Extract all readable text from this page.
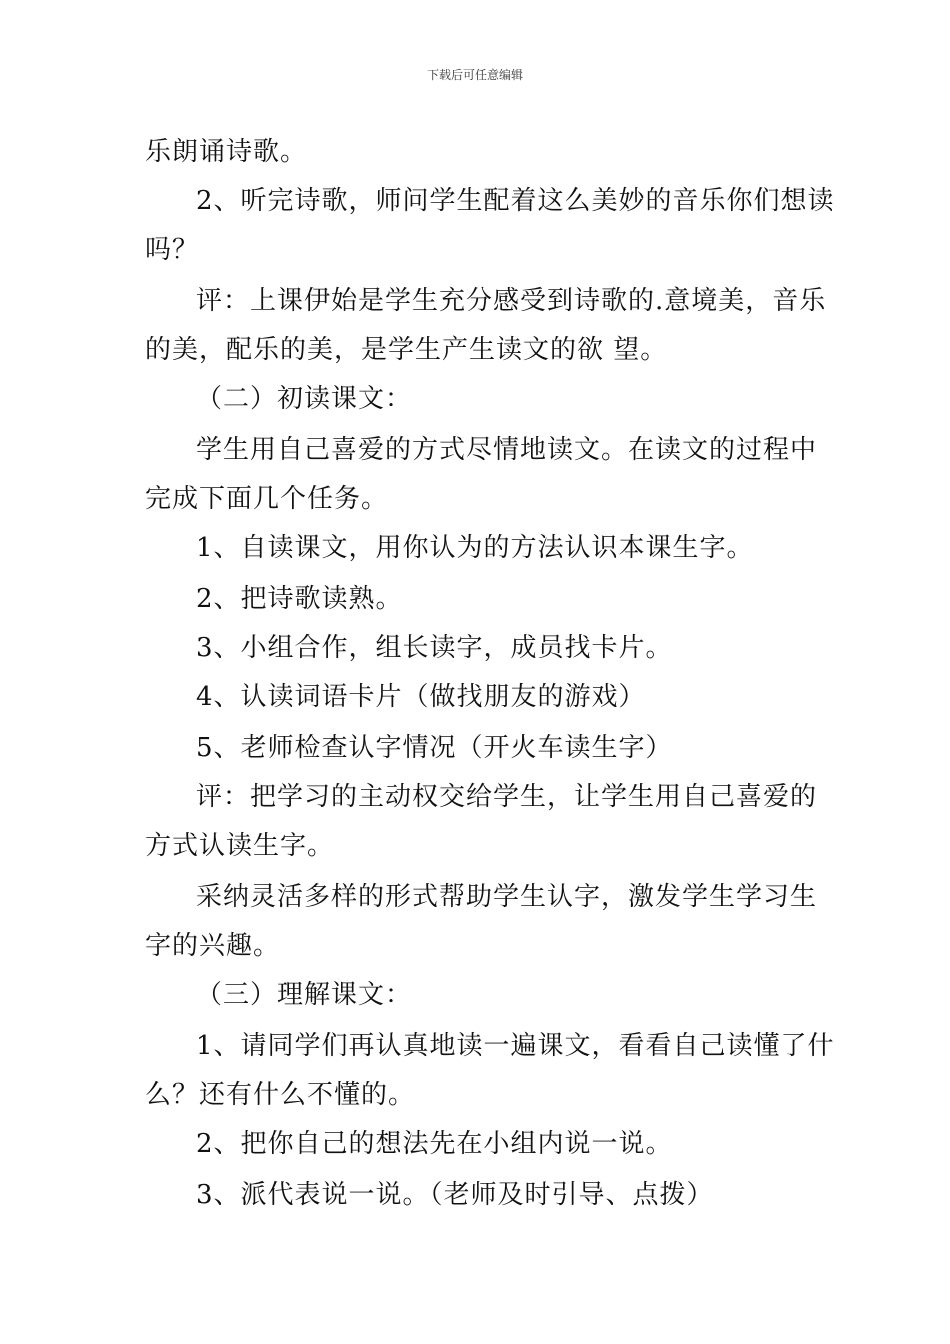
下载后可任意编辑

乐朗诵诗歌。

2、听完诗歌，师问学生配着这么美妙的音乐你们想读

吗？

评：上课伊始是学生充分感受到诗歌的.意境美，音乐

的美，配乐的美，是学生产生读文的欲 望。

（二）初读课文：

学生用自己喜爱的方式尽情地读文。在读文的过程中

完成下面几个任务。

1、自读课文，用你认为的方法认识本课生字。

2、把诗歌读熟。

3、小组合作，组长读字，成员找卡片。

4、认读词语卡片（做找朋友的游戏）

5、老师检查认字情况（开火车读生字）

评：把学习的主动权交给学生，让学生用自己喜爱的

方式认读生字。

采纳灵活多样的形式帮助学生认字，激发学生学习生

字的兴趣。

（三）理解课文：

1、请同学们再认真地读一遍课文，看看自己读懂了什

么？还有什么不懂的。

2、把你自己的想法先在小组内说一说。

3、派代表说一说。（老师及时引导、点拨）
